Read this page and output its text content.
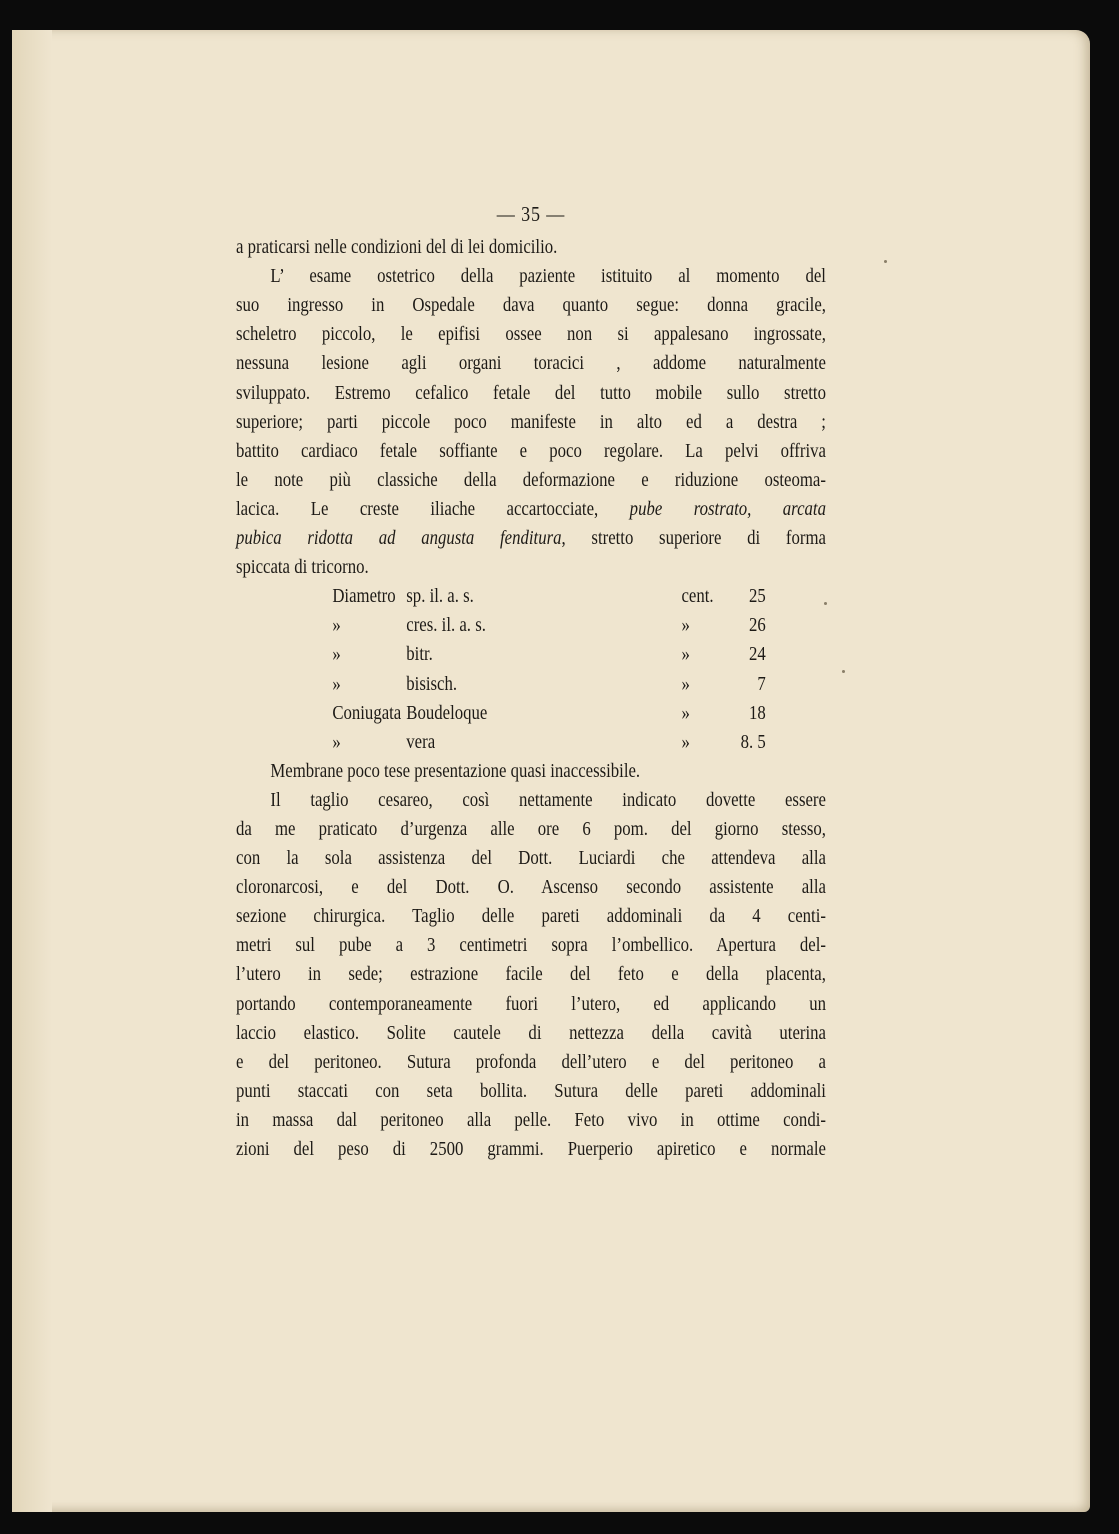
— 35 —

a praticarsi nelle condizioni del di lei domicilio.

L’ esame ostetrico della paziente istituito al momento del

suo ingresso in Ospedale dava quanto segue: donna gracile,

scheletro piccolo, le epifisi ossee non si appalesano ingrossate,

nessuna lesione agli organi toracici , addome naturalmente

sviluppato. Estremo cefalico fetale del tutto mobile sullo stretto

superiore; parti piccole poco manifeste in alto ed a destra ;

battito cardiaco fetale soffiante e poco regolare. La pelvi offriva

le note più classiche della deformazione e riduzione osteoma-

lacica. Le creste iliache accartocciate, pube rostrato, arcata

pubica ridotta ad angusta fenditura, stretto superiore di forma

spiccata di tricorno.

Diametro	sp. il. a. s.	cent.	25
»	cres. il. a. s.	»	26
»	bitr.	»	24
»	bisisch.	»	7
Coniugata	Boudeloque	»	18
»	vera	»	8. 5

Membrane poco tese presentazione quasi inaccessibile.

Il taglio cesareo, così nettamente indicato dovette essere

da me praticato d’urgenza alle ore 6 pom. del giorno stesso,

con la sola assistenza del Dott. Luciardi che attendeva alla

cloronarcosi, e del Dott. O. Ascenso secondo assistente alla

sezione chirurgica. Taglio delle pareti addominali da 4 centi-

metri sul pube a 3 centimetri sopra l’ombellico. Apertura del-

l’utero in sede; estrazione facile del feto e della placenta,

portando contemporaneamente fuori l’utero, ed applicando un

laccio elastico. Solite cautele di nettezza della cavità uterina

e del peritoneo. Sutura profonda dell’utero e del peritoneo a

punti staccati con seta bollita. Sutura delle pareti addominali

in massa dal peritoneo alla pelle. Feto vivo in ottime condi-

zioni del peso di 2500 grammi. Puerperio apiretico e normale
